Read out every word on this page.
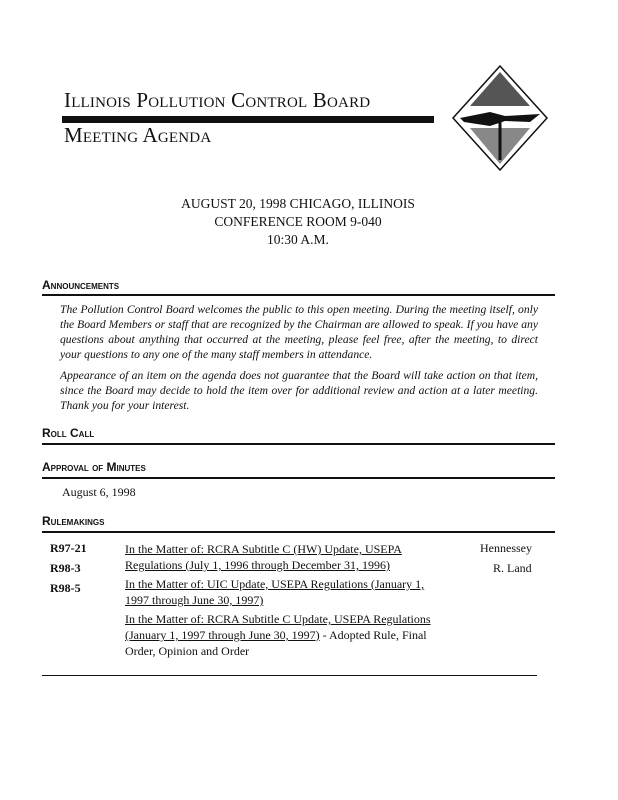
Illinois Pollution Control Board
Meeting Agenda
AUGUST 20, 1998 CHICAGO, ILLINOIS
CONFERENCE ROOM 9-040
10:30 A.M.
Announcements
The Pollution Control Board welcomes the public to this open meeting. During the meeting itself, only the Board Members or staff that are recognized by the Chairman are allowed to speak. If you have any questions about anything that occurred at the meeting, please feel free, after the meeting, to direct your questions to any one of the many staff members in attendance.
Appearance of an item on the agenda does not guarantee that the Board will take action on that item, since the Board may decide to hold the item over for additional review and action at a later meeting. Thank you for your interest.
Roll Call
Approval of Minutes
August 6, 1998
Rulemakings
R97-21
R98-3
R98-5
In the Matter of: RCRA Subtitle C (HW) Update, USEPA Regulations (July 1, 1996 through December 31, 1996)
In the Matter of: UIC Update, USEPA Regulations (January 1, 1997 through June 30, 1997)
In the Matter of: RCRA Subtitle C Update, USEPA Regulations (January 1, 1997 through June 30, 1997) - Adopted Rule, Final Order, Opinion and Order
Hennessey
R. Land
